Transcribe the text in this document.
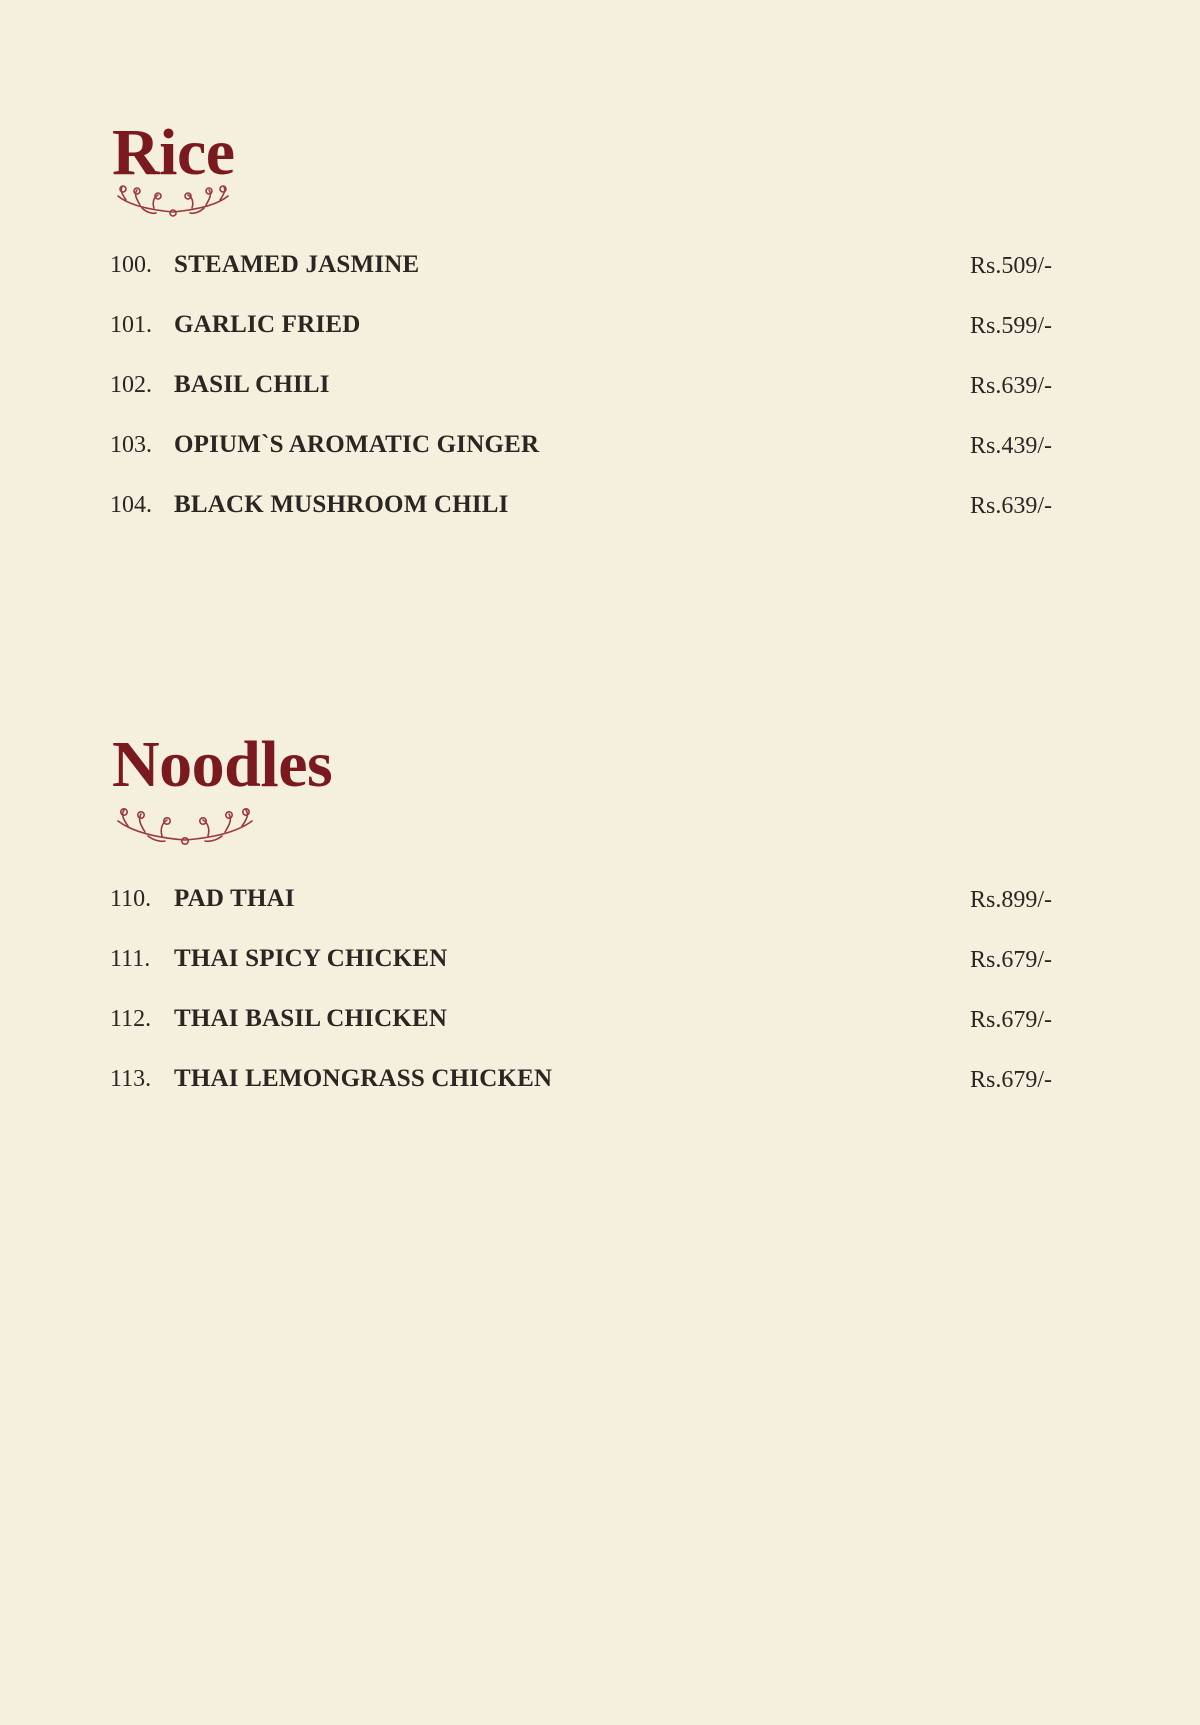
Rice
100. STEAMED JASMINE	Rs.509/-
101. GARLIC FRIED	Rs.599/-
102. BASIL CHILI	Rs.639/-
103. OPIUM`S AROMATIC GINGER	Rs.439/-
104. BLACK MUSHROOM CHILI	Rs.639/-
Noodles
110. PAD THAI	Rs.899/-
111. THAI SPICY CHICKEN	Rs.679/-
112. THAI BASIL CHICKEN	Rs.679/-
113. THAI LEMONGRASS CHICKEN	Rs.679/-
